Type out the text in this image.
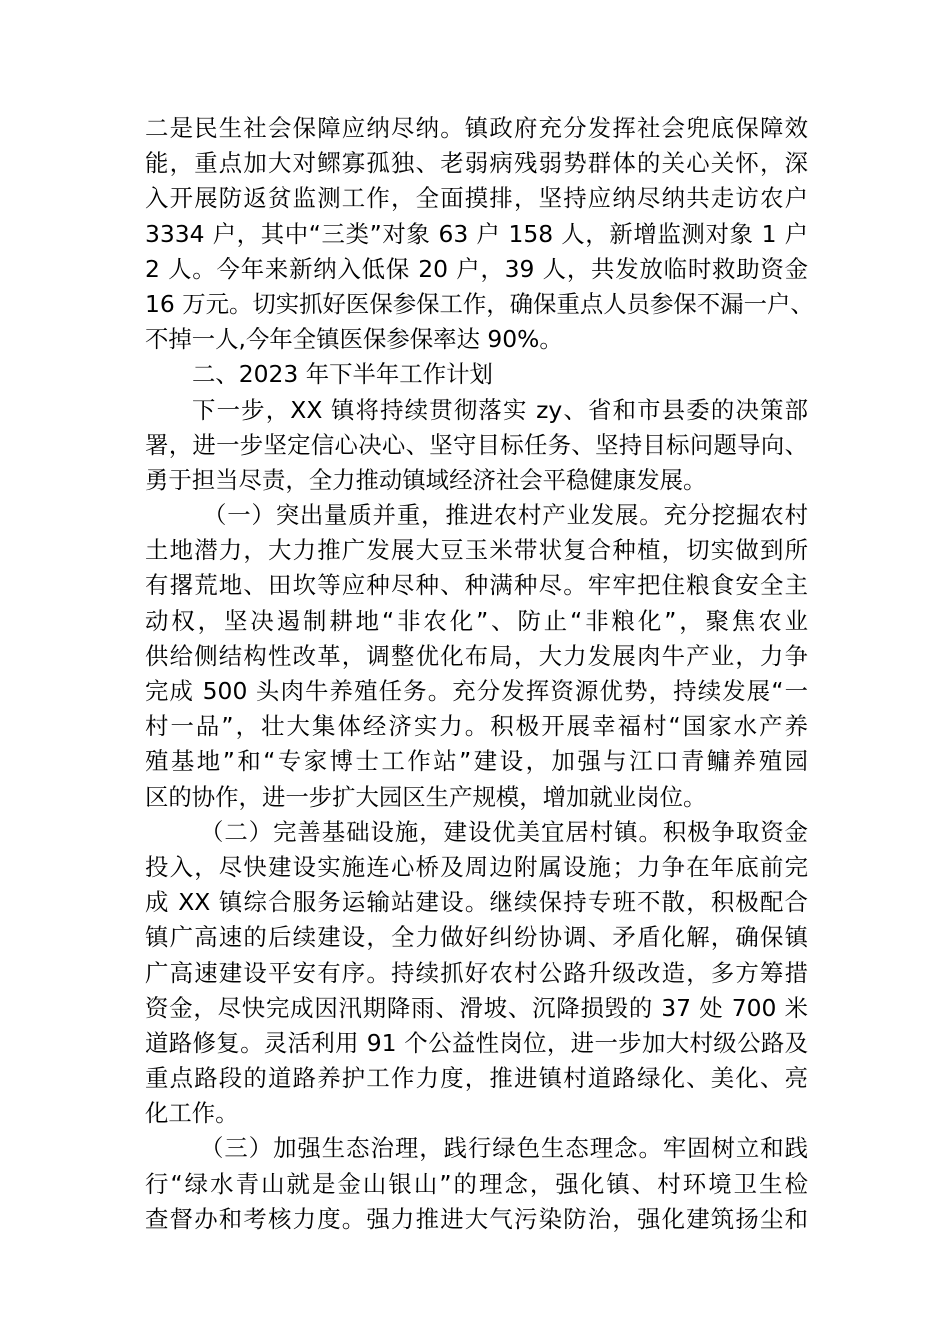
二是民生社会保障应纳尽纳。镇政府充分发挥社会兜底保障效
能，重点加大对鳏寡孤独、老弱病残弱势群体的关心关怀，深
入开展防返贫监测工作，全面摸排，坚持应纳尽纳共走访农户
3334 户，其中“三类”对象 63 户 158 人，新增监测对象 1 户
2 人。今年来新纳入低保 20 户，39 人，共发放临时救助资金
16 万元。切实抓好医保参保工作，确保重点人员参保不漏一户、
不掉一人,今年全镇医保参保率达 90%。
二、2023 年下半年工作计划
下一步，XX 镇将持续贯彻落实 zy、省和市县委的决策部
署，进一步坚定信心决心、坚守目标任务、坚持目标问题导向、
勇于担当尽责，全力推动镇域经济社会平稳健康发展。
（一）突出量质并重，推进农村产业发展。充分挖掘农村
土地潜力，大力推广发展大豆玉米带状复合种植，切实做到所
有撂荒地、田坎等应种尽种、种满种尽。牢牢把住粮食安全主
动权，坚决遏制耕地“非农化”、防止“非粮化”，聚焦农业
供给侧结构性改革，调整优化布局，大力发展肉牛产业，力争
完成 500 头肉牛养殖任务。充分发挥资源优势，持续发展“一
村一品”，壮大集体经济实力。积极开展幸福村“国家水产养
殖基地”和“专家博士工作站”建设，加强与江口青鳙养殖园
区的协作，进一步扩大园区生产规模，增加就业岗位。
（二）完善基础设施，建设优美宜居村镇。积极争取资金
投入，尽快建设实施连心桥及周边附属设施；力争在年底前完
成 XX 镇综合服务运输站建设。继续保持专班不散，积极配合
镇广高速的后续建设，全力做好纠纷协调、矛盾化解，确保镇
广高速建设平安有序。持续抓好农村公路升级改造，多方筹措
资金，尽快完成因汛期降雨、滑坡、沉降损毁的 37 处 700 米
道路修复。灵活利用 91 个公益性岗位，进一步加大村级公路及
重点路段的道路养护工作力度，推进镇村道路绿化、美化、亮
化工作。
（三）加强生态治理，践行绿色生态理念。牢固树立和践
行“绿水青山就是金山银山”的理念，强化镇、村环境卫生检
查督办和考核力度。强力推进大气污染防治，强化建筑扬尘和
